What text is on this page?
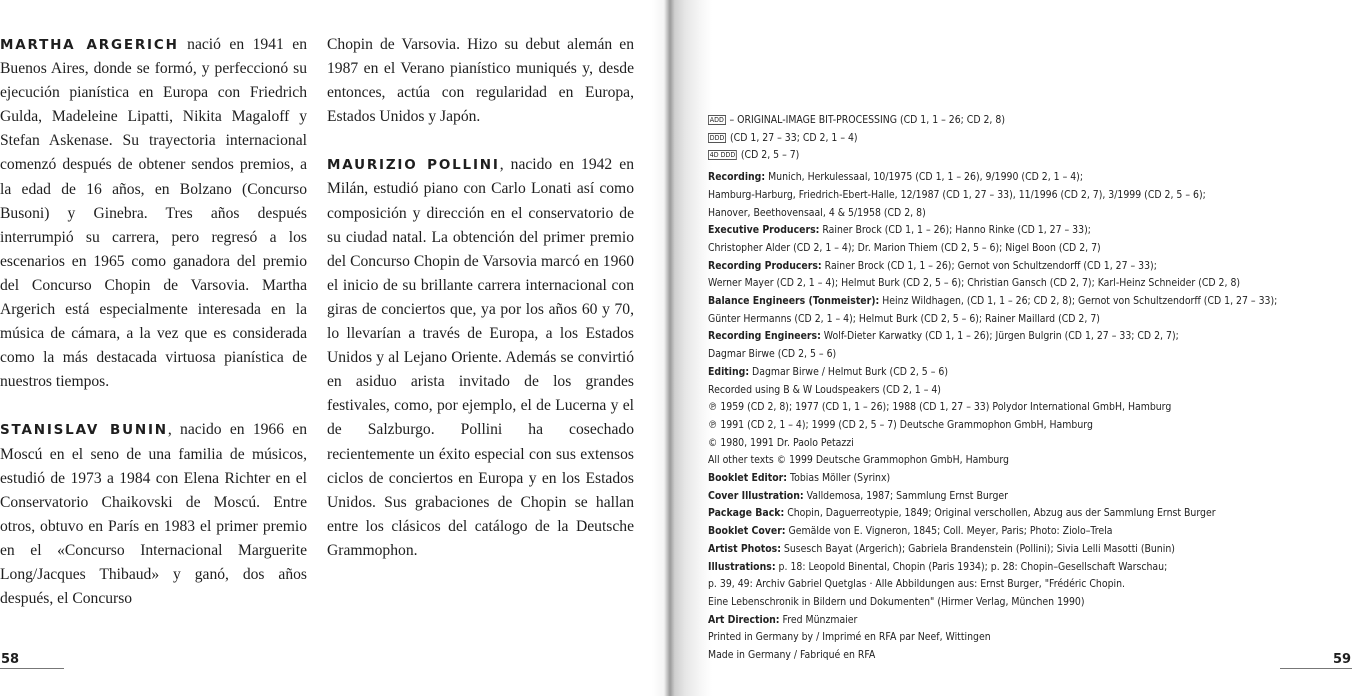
MARTHA ARGERICH nació en 1941 en Buenos Aires, donde se formó, y perfeccionó su ejecución pianística en Europa con Friedrich Gulda, Madeleine Lipatti, Nikita Magaloff y Stefan Askenase. Su trayectoria internacional comenzó después de obtener sendos premios, a la edad de 16 años, en Bolzano (Concurso Busoni) y Ginebra. Tres años después interrumpió su carrera, pero regresó a los escenarios en 1965 como ganadora del premio del Concurso Chopin de Varsovia. Martha Argerich está especialmente interesada en la música de cámara, a la vez que es considerada como la más destacada virtuosa pianística de nuestros tiempos.

STANISLAV BUNIN, nacido en 1966 en Moscú en el seno de una familia de músicos, estudió de 1973 a 1984 con Elena Richter en el Conservatorio Chaikovski de Moscú. Entre otros, obtuvo en París en 1983 el primer premio en el «Concurso Internacional Marguerite Long/Jacques Thibaud» y ganó, dos años después, el Concurso

Chopin de Varsovia. Hizo su debut alemán en 1987 en el Verano pianístico muniqués y, desde entonces, actúa con regularidad en Europa, Estados Unidos y Japón.

MAURIZIO POLLINI, nacido en 1942 en Milán, estudió piano con Carlo Lonati así como composición y dirección en el conservatorio de su ciudad natal. La obtención del primer premio del Concurso Chopin de Varsovia marcó en 1960 el inicio de su brillante carrera internacional con giras de conciertos que, ya por los años 60 y 70, lo llevarían a través de Europa, a los Estados Unidos y al Lejano Oriente. Además se convirtió en asiduo arista invitado de los grandes festivales, como, por ejemplo, el de Lucerna y el de Salzburgo. Pollini ha cosechado recientemente un éxito especial con sus extensos ciclos de conciertos en Europa y en los Estados Unidos. Sus grabaciones de Chopin se hallan entre los clásicos del catálogo de la Deutsche Grammophon.

58
ADD – ORIGINAL-IMAGE BIT-PROCESSING (CD 1, 1 – 26; CD 2, 8)
DDD (CD 1, 27 – 33; CD 2, 1 – 4)
4D DDD (CD 2, 5 – 7)
Recording: Munich, Herkulessaal, 10/1975 (CD 1, 1 – 26), 9/1990 (CD 2, 1 – 4);
Hamburg-Harburg, Friedrich-Ebert-Halle, 12/1987 (CD 1, 27 – 33), 11/1996 (CD 2, 7), 3/1999 (CD 2, 5 – 6);
Hanover, Beethovensaal, 4 & 5/1958 (CD 2, 8)
Executive Producers: Rainer Brock (CD 1, 1 – 26); Hanno Rinke (CD 1, 27 – 33);
Christopher Alder (CD 2, 1 – 4); Dr. Marion Thiem (CD 2, 5 – 6); Nigel Boon (CD 2, 7)
Recording Producers: Rainer Brock (CD 1, 1 – 26); Gernot von Schultzendorff (CD 1, 27 – 33);
Werner Mayer (CD 2, 1 – 4); Helmut Burk (CD 2, 5 – 6); Christian Gansch (CD 2, 7); Karl-Heinz Schneider (CD 2, 8)
Balance Engineers (Tonmeister): Heinz Wildhagen, (CD 1, 1 – 26; CD 2, 8); Gernot von Schultzendorff (CD 1, 27 – 33);
Günter Hermanns (CD 2, 1 – 4); Helmut Burk (CD 2, 5 – 6); Rainer Maillard (CD 2, 7)
Recording Engineers: Wolf-Dieter Karwatky (CD 1, 1 – 26); Jürgen Bulgrin (CD 1, 27 – 33; CD 2, 7);
Dagmar Birwe (CD 2, 5 – 6)
Editing: Dagmar Birwe / Helmut Burk (CD 2, 5 – 6)
Recorded using B & W Loudspeakers (CD 2, 1 – 4)
℗ 1959 (CD 2, 8); 1977 (CD 1, 1 – 26); 1988 (CD 1, 27 – 33) Polydor International GmbH, Hamburg
℗ 1991 (CD 2, 1 – 4); 1999 (CD 2, 5 – 7) Deutsche Grammophon GmbH, Hamburg
© 1980, 1991 Dr. Paolo Petazzi
All other texts © 1999 Deutsche Grammophon GmbH, Hamburg
Booklet Editor: Tobias Möller (Syrinx)
Cover Illustration: Valldemosa, 1987; Sammlung Ernst Burger
Package Back: Chopin, Daguerreotypie, 1849; Original verschollen, Abzug aus der Sammlung Ernst Burger
Booklet Cover: Gemälde von E. Vigneron, 1845; Coll. Meyer, Paris; Photo: Ziolo–Trela
Artist Photos: Susesch Bayat (Argerich); Gabriela Brandenstein (Pollini); Sivia Lelli Masotti (Bunin)
Illustrations: p. 18: Leopold Binental, Chopin (Paris 1934); p. 28: Chopin–Gesellschaft Warschau;
p. 39, 49: Archiv Gabriel Quetglas · Alle Abbildungen aus: Ernst Burger, "Frédéric Chopin.
Eine Lebenschronik in Bildern und Dokumenten" (Hirmer Verlag, München 1990)
Art Direction: Fred Münzmaier
Printed in Germany by / Imprimé en RFA par Neef, Wittingen
Made in Germany / Fabriqué en RFA	59
